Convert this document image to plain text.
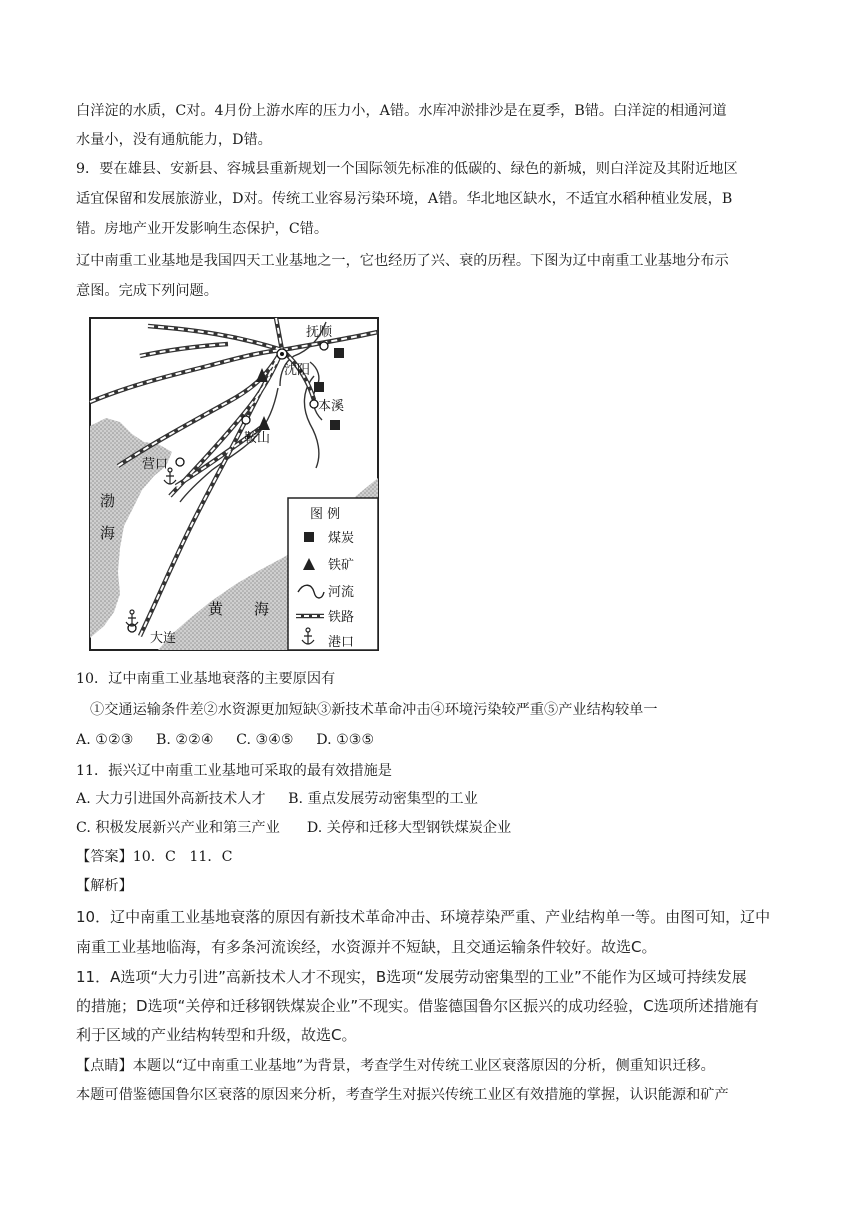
白洋淀的水质，C对。4月份上游水库的压力小，A错。水库冲淤排沙是在夏季，B错。白洋淀的相通河道
水量小，没有通航能力，D错。
9．要在雄县、安新县、容城县重新规划一个国际领先标准的低碳的、绿色的新城，则白洋淀及其附近地区
适宜保留和发展旅游业，D对。传统工业容易污染环境，A错。华北地区缺水，不适宜水稻种植业发展，B
错。房地产业开发影响生态保护，C错。
辽中南重工业基地是我国四天工业基地之一，它也经历了兴、衰的历程。下图为辽中南重工业基地分布示
意图。完成下列问题。
抚顺
沈阳
本溪
鞍山
营口
大连
渤
海
黄 海
图 例
煤炭
铁矿
河流
铁路
港口
10．辽中南重工业基地衰落的主要原因有
①交通运输条件差②水资源更加短缺③新技术革命冲击④环境污染较严重⑤产业结构较单一
A. ①②③     B. ②②④     C. ③④⑤     D. ①③⑤
11．振兴辽中南重工业基地可采取的最有效措施是
A. 大力引进国外高新技术人才     B. 重点发展劳动密集型的工业
C. 积极发展新兴产业和第三产业      D. 关停和迁移大型钢铁煤炭企业
【答案】10．C   11．C
【解析】
10．辽中南重工业基地衰落的原因有新技术革命冲击、环境荐染严重、产业结构单一等。由图可知，辽中
南重工业基地临海，有多条河流诶经，水资源并不短缺，且交通运输条件较好。故选C。
11．A选项“大力引进”高新技术人才不现实，B选项“发展劳动密集型的工业”不能作为区域可持续发展
的措施；D选项“关停和迁移钢铁煤炭企业”不现实。借鉴德国鲁尔区振兴的成功经验，C选项所述措施有
利于区域的产业结构转型和升级，故选C。
【点睛】本题以“辽中南重工业基地”为背景，考查学生对传统工业区衰落原因的分析，侧重知识迁移。
本题可借鉴德国鲁尔区衰落的原因来分析，考查学生对振兴传统工业区有效措施的掌握，认识能源和矿产
